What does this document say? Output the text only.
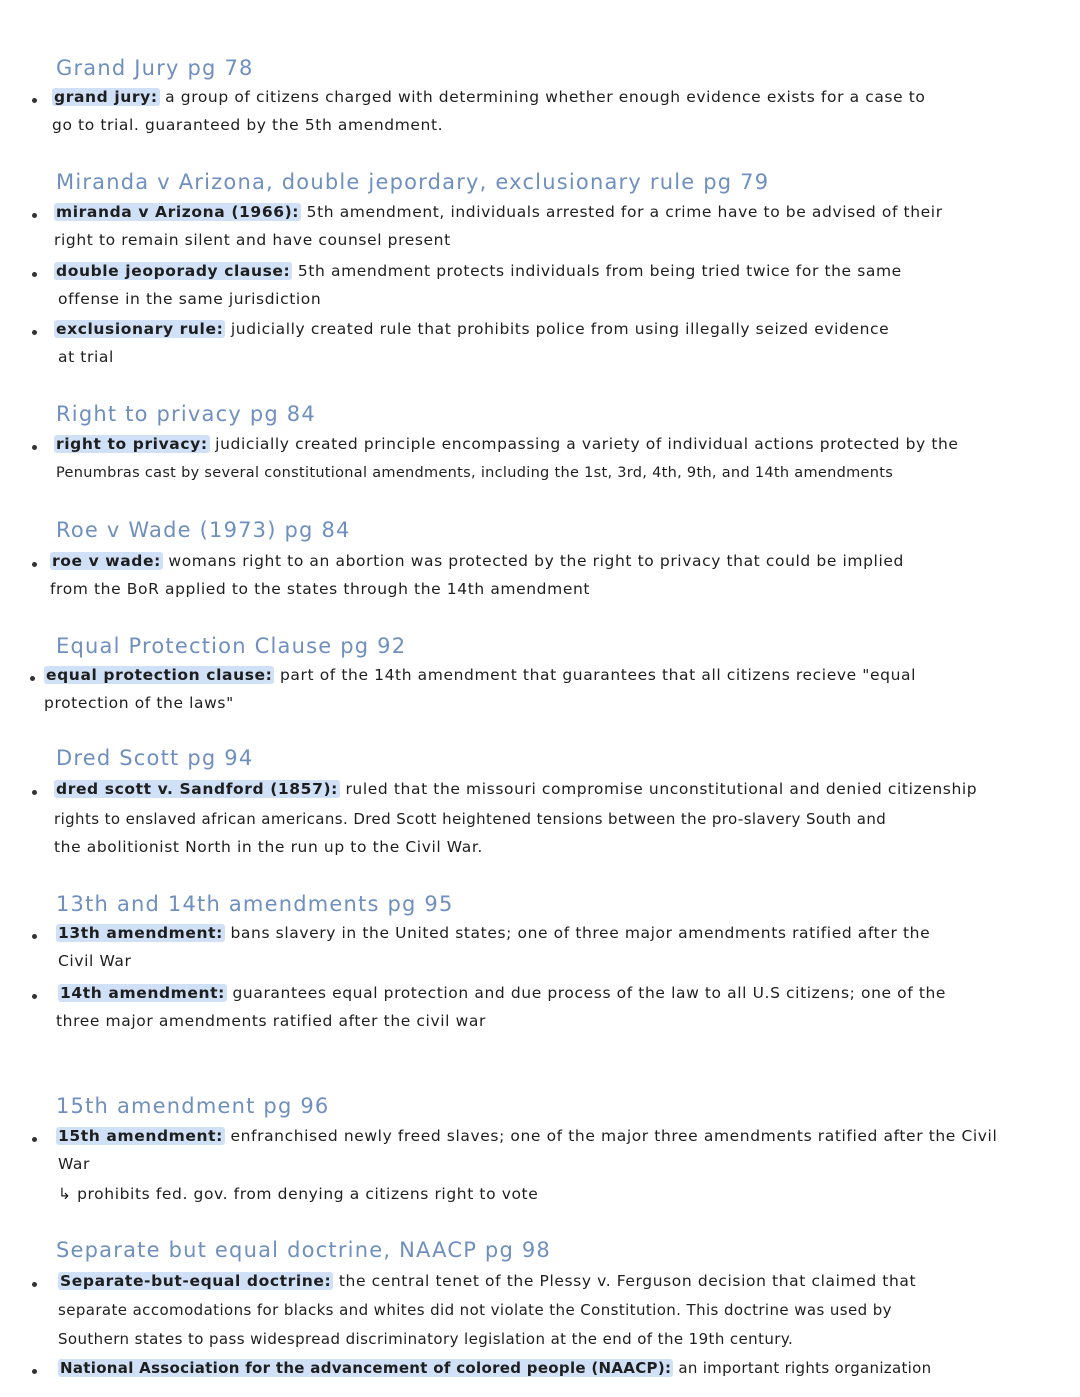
Grand Jury pg 78
grand jury: a group of citizens charged with determining whether enough evidence exists for a case to
go to trial. guaranteed by the 5th amendment.
Miranda v Arizona, double jepordary, exclusionary rule pg 79
miranda v Arizona (1966): 5th amendment, individuals arrested for a crime have to be advised of their
right to remain silent and have counsel present
double jeoporady clause: 5th amendment protects individuals from being tried twice for the same
offense in the same jurisdiction
exclusionary rule: judicially created rule that prohibits police from using illegally seized evidence
at trial
Right to privacy pg 84
right to privacy: judicially created principle encompassing a variety of individual actions protected by the
Penumbras cast by several constitutional amendments, including the 1st, 3rd, 4th, 9th, and 14th amendments
Roe v Wade (1973) pg 84
roe v wade: womans right to an abortion was protected by the right to privacy that could be implied
from the BoR applied to the states through the 14th amendment
Equal Protection Clause pg 92
equal protection clause: part of the 14th amendment that guarantees that all citizens recieve "equal
protection of the laws"
Dred Scott pg 94
dred scott v. Sandford (1857): ruled that the missouri compromise unconstitutional and denied citizenship
rights to enslaved african americans. Dred Scott heightened tensions between the pro-slavery South and
the abolitionist North in the run up to the Civil War.
13th and 14th amendments pg 95
13th amendment: bans slavery in the United states; one of three major amendments ratified after the
Civil War
14th amendment: guarantees equal protection and due process of the law to all U.S citizens; one of the
three major amendments ratified after the civil war
15th amendment pg 96
15th amendment: enfranchised newly freed slaves; one of the major three amendments ratified after the Civil
War
↳ prohibits fed. gov. from denying a citizens right to vote
Separate but equal doctrine, NAACP pg 98
Separate-but-equal doctrine: the central tenet of the Plessy v. Ferguson decision that claimed that
separate accomodations for blacks and whites did not violate the Constitution. This doctrine was used by
Southern states to pass widespread discriminatory legislation at the end of the 19th century.
National Association for the advancement of colored people (NAACP): an important rights organization
